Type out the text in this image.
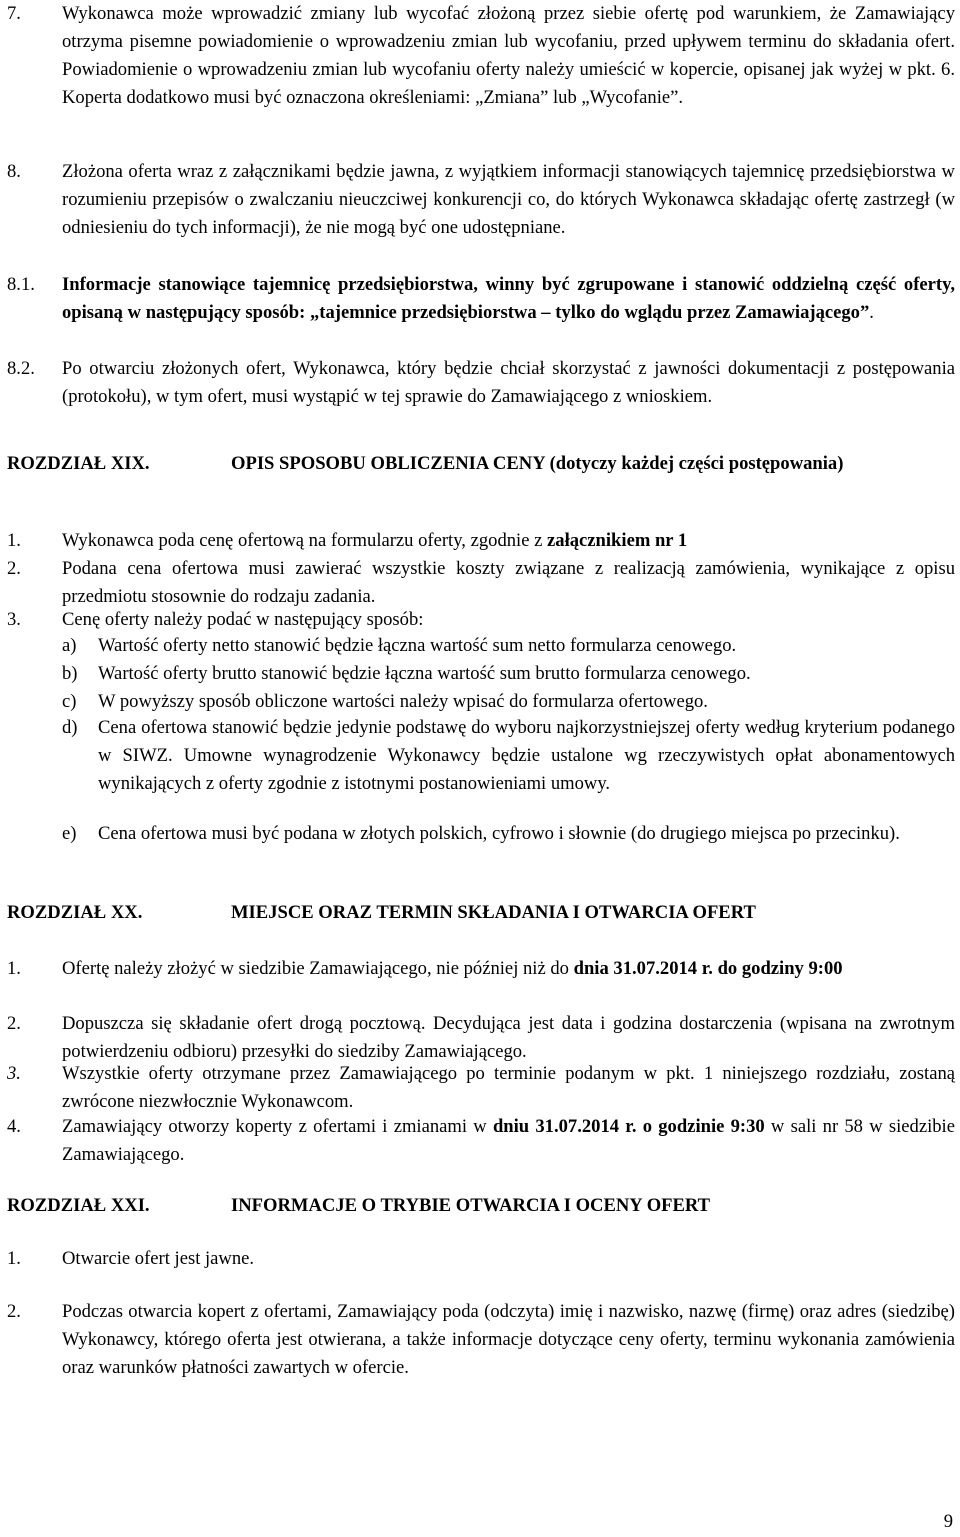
7. Wykonawca może wprowadzić zmiany lub wycofać złożoną przez siebie ofertę pod warunkiem, że Zamawiający otrzyma pisemne powiadomienie o wprowadzeniu zmian lub wycofaniu, przed upływem terminu do składania ofert. Powiadomienie o wprowadzeniu zmian lub wycofaniu oferty należy umieścić w kopercie, opisanej jak wyżej w pkt. 6. Koperta dodatkowo musi być oznaczona określeniami: „Zmiana” lub „Wycofanie”.
8. Złożona oferta wraz z załącznikami będzie jawna, z wyjątkiem informacji stanowiących tajemnicę przedsiębiorstwa w rozumieniu przepisów o zwalczaniu nieuczciwej konkurencji co, do których Wykonawca składając ofertę zastrzegł (w odniesieniu do tych informacji), że nie mogą być one udostępniane.
8.1. Informacje stanowiące tajemnicę przedsiębiorstwa, winny być zgrupowane i stanowić oddzielną część oferty, opisaną w następujący sposób: „tajemnice przedsiębiorstwa – tylko do wglądu przez Zamawiającego”.
8.2. Po otwarciu złożonych ofert, Wykonawca, który będzie chciał skorzystać z jawności dokumentacji z postępowania (protokołu), w tym ofert, musi wystąpić w tej sprawie do Zamawiającego z wnioskiem.
ROZDZIAŁ XIX.	OPIS SPOSOBU OBLICZENIA CENY (dotyczy każdej części postępowania)
1. Wykonawca poda cenę ofertową na formularzu oferty, zgodnie z załącznikiem nr 1
2. Podana cena ofertowa musi zawierać wszystkie koszty związane z realizacją zamówienia, wynikające z opisu przedmiotu stosownie do rodzaju zadania.
3. Cenę oferty należy podać w następujący sposób:
a) Wartość oferty netto stanowić będzie łączna wartość sum netto formularza cenowego.
b) Wartość oferty brutto stanowić będzie łączna wartość sum brutto formularza cenowego.
c) W powyższy sposób obliczone wartości należy wpisać do formularza ofertowego.
d) Cena ofertowa stanowić będzie jedynie podstawę do wyboru najkorzystniejszej oferty według kryterium podanego w SIWZ. Umowne wynagrodzenie Wykonawcy będzie ustalone wg rzeczywistych opłat abonamentowych wynikających z oferty zgodnie z istotnymi postanowieniami umowy.
e) Cena ofertowa musi być podana w złotych polskich, cyfrowo i słownie (do drugiego miejsca po przecinku).
ROZDZIAŁ XX.	MIEJSCE ORAZ TERMIN SKŁADANIA I OTWARCIA OFERT
1. Ofertę należy złożyć w siedzibie Zamawiającego, nie później niż do dnia 31.07.2014 r. do godziny 9:00
2. Dopuszcza się składanie ofert drogą pocztową. Decydująca jest data i godzina dostarczenia (wpisana na zwrotnym potwierdzeniu odbioru) przesyłki do siedziby Zamawiającego.
3. Wszystkie oferty otrzymane przez Zamawiającego po terminie podanym w pkt. 1 niniejszego rozdziału, zostaną zwrócone niezwłocznie Wykonawcom.
4. Zamawiający otworzy koperty z ofertami i zmianami w dniu 31.07.2014 r. o godzinie 9:30 w sali nr 58 w siedzibie Zamawiającego.
ROZDZIAŁ XXI.	INFORMACJE O TRYBIE OTWARCIA I OCENY OFERT
1. Otwarcie ofert jest jawne.
2. Podczas otwarcia kopert z ofertami, Zamawiający poda (odczyta) imię i nazwisko, nazwę (firmę) oraz adres (siedzibę) Wykonawcy, którego oferta jest otwierana, a także informacje dotyczące ceny oferty, terminu wykonania zamówienia oraz warunków płatności zawartych w ofercie.
9
